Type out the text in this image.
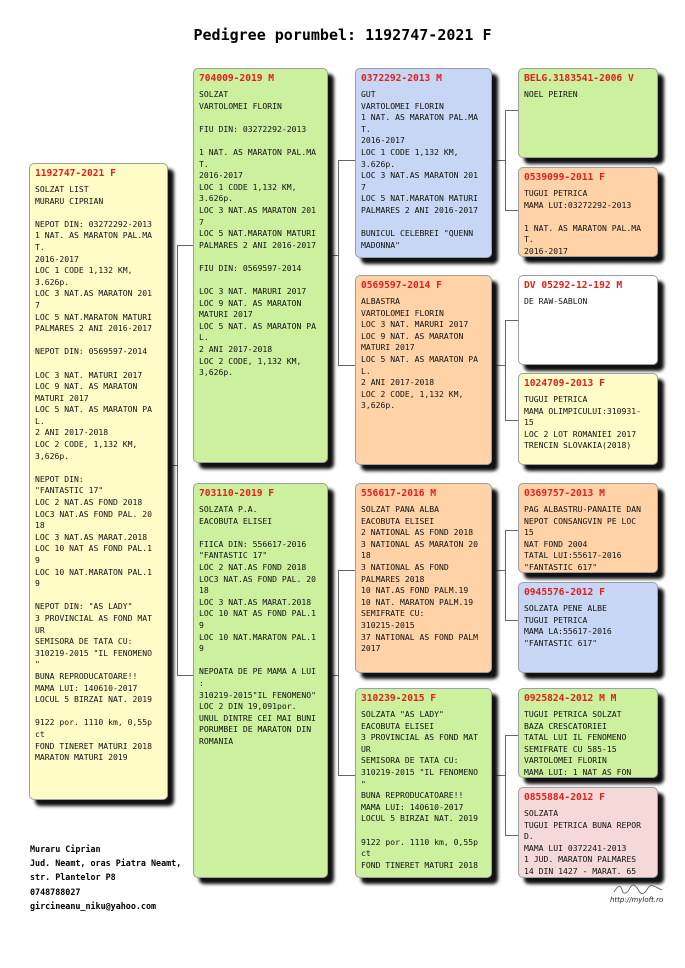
Pedigree porumbel: 1192747-2021 F
1192747-2021 F
SOLZAT LIST
MURARU CIPRIAN

NEPOT DIN: 03272292-2013
1 NAT. AS MARATON PAL.MA
T.
2016-2017
LOC 1 CODE 1,132 KM,
3.626p.
LOC 3 NAT.AS MARATON 201
7
LOC 5 NAT.MARATON MATURI
PALMARES 2 ANI 2016-2017

NEPOT DIN: 0569597-2014

LOC 3 NAT. MATURI 2017
LOC 9 NAT. AS MARATON
MATURI 2017
LOC 5 NAT. AS MARATON PA
L.
2 ANI 2017-2018
LOC 2 CODE, 1,132 KM,
3,626p.

NEPOT DIN:
"FANTASTIC 17"
LOC 2 NAT.AS FOND 2018
LOC3 NAT.AS FOND PAL. 20
18
LOC 3 NAT.AS MARAT.2018
LOC 10 NAT AS FOND PAL.1
9
LOC 10 NAT.MARATON PAL.1
9

NEPOT DIN: "AS LADY"
3 PROVINCIAL AS FOND MAT
UR
SEMISORA DE TATA CU:
310219-2015 "IL FENOMENO
"
BUNA REPRODUCATOARE!!
MAMA LUI: 140610-2017
LOCUL 5 BIRZAI NAT. 2019

9122 por. 1110 km, 0,55p
ct
FOND TINERET MATURI 2018
MARATON MATURI 2019
704009-2019 M
SOLZAT
VARTOLOMEI FLORIN

FIU DIN: 03272292-2013

1 NAT. AS MARATON PAL.MA
T.
2016-2017
LOC 1 CODE 1,132 KM,
3.626p.
LOC 3 NAT.AS MARATON 201
7
LOC 5 NAT.MARATON MATURI
PALMARES 2 ANI 2016-2017

FIU DIN: 0569597-2014

LOC 3 NAT. MARURI 2017
LOC 9 NAT. AS MARATON
MATURI 2017
LOC 5 NAT. AS MARATON PA
L.
2 ANI 2017-2018
LOC 2 CODE, 1,132 KM,
3,626p.
703110-2019 F
SOLZATA P.A.
EACOBUTA ELISEI

FIICA DIN: 556617-2016
"FANTASTIC 17"
LOC 2 NAT.AS FOND 2018
LOC3 NAT.AS FOND PAL. 20
18
LOC 3 NAT.AS MARAT.2018
LOC 10 NAT AS FOND PAL.1
9
LOC 10 NAT.MARATON PAL.1
9

NEPOATA DE PE MAMA A LUI
:
310219-2015"IL FENOMENO"
LOC 2 DIN 19,091por.
UNUL DINTRE CEI MAI BUNI
PORUMBEI DE MARATON DIN
ROMANIA
0372292-2013 M
GUT
VARTOLOMEI FLORIN
1 NAT. AS MARATON PAL.MA
T.
2016-2017
LOC 1 CODE 1,132 KM,
3.626p.
LOC 3 NAT.AS MARATON 201
7
LOC 5 NAT.MARATON MATURI
PALMARES 2 ANI 2016-2017

BUNICUL CELEBREI "QUENN
MADONNA"
0569597-2014 F
ALBASTRA
VARTOLOMEI FLORIN
LOC 3 NAT. MARURI 2017
LOC 9 NAT. AS MARATON
MATURI 2017
LOC 5 NAT. AS MARATON PA
L.
2 ANI 2017-2018
LOC 2 CODE, 1,132 KM,
3,626p.
556617-2016 M
SOLZAT PANA ALBA
EACOBUTA ELISEI
2 NATIONAL AS FOND 2018
3 NATIONAL AS MARATON 20
18
3 NATIONAL AS FOND
PALMARES 2018
10 NAT.AS FOND PALM.19
10 NAT. MARATON PALM.19
SEMIFRATE CU:
310215-2015
37 NATIONAL AS FOND PALM
2017
310239-2015 F
SOLZATA "AS LADY"
EACOBUTA ELISEI
3 PROVINCIAL AS FOND MAT
UR
SEMISORA DE TATA CU:
310219-2015 "IL FENOMENO
"
BUNA REPRODUCATOARE!!
MAMA LUI: 140610-2017
LOCUL 5 BIRZAI NAT. 2019

9122 por. 1110 km, 0,55p
ct
FOND TINERET MATURI 2018
BELG.3183541-2006 V
NOEL PEIREN
0539099-2011 F
TUGUI PETRICA
MAMA LUI:03272292-2013

1 NAT. AS MARATON PAL.MA
T.
2016-2017
DV 05292-12-192 M
DE RAW-SABLON
1024709-2013 F
TUGUI PETRICA
MAMA OLIMPICULUI:310931-
15
LOC 2 LOT ROMANIEI 2017
TRENCIN SLOVAKIA(2018)
0369757-2013 M
PAG ALBASTRU-PANAITE DAN
NEPOT CONSANGVIN PE LOC
15
NAT FOND 2004
TATAL LUI:55617-2016
"FANTASTIC 617"
0945576-2012 F
SOLZATA PENE ALBE
TUGUI PETRICA
MAMA LA:55617-2016
"FANTASTIC 617"
0925824-2012 M M
TUGUI PETRICA SOLZAT
BAZA CRESCATORIEI
TATAL LUI IL FENOMENO
SEMIFRATE CU 585-15
VARTOLOMEI FLORIN
MAMA LUI: 1 NAT AS FON
0855884-2012 F
SOLZATA
TUGUI PETRICA BUNA REPOR
D.
MAMA LUI 0372241-2013
1 JUD. MARATON PALMARES
14 DIN 1427 - MARAT. 65
Muraru Ciprian
Jud. Neamt, oras Piatra Neamt,
str. Plantelor P8
0748788027
gircineanu_niku@yahoo.com
http://myloft.ro
